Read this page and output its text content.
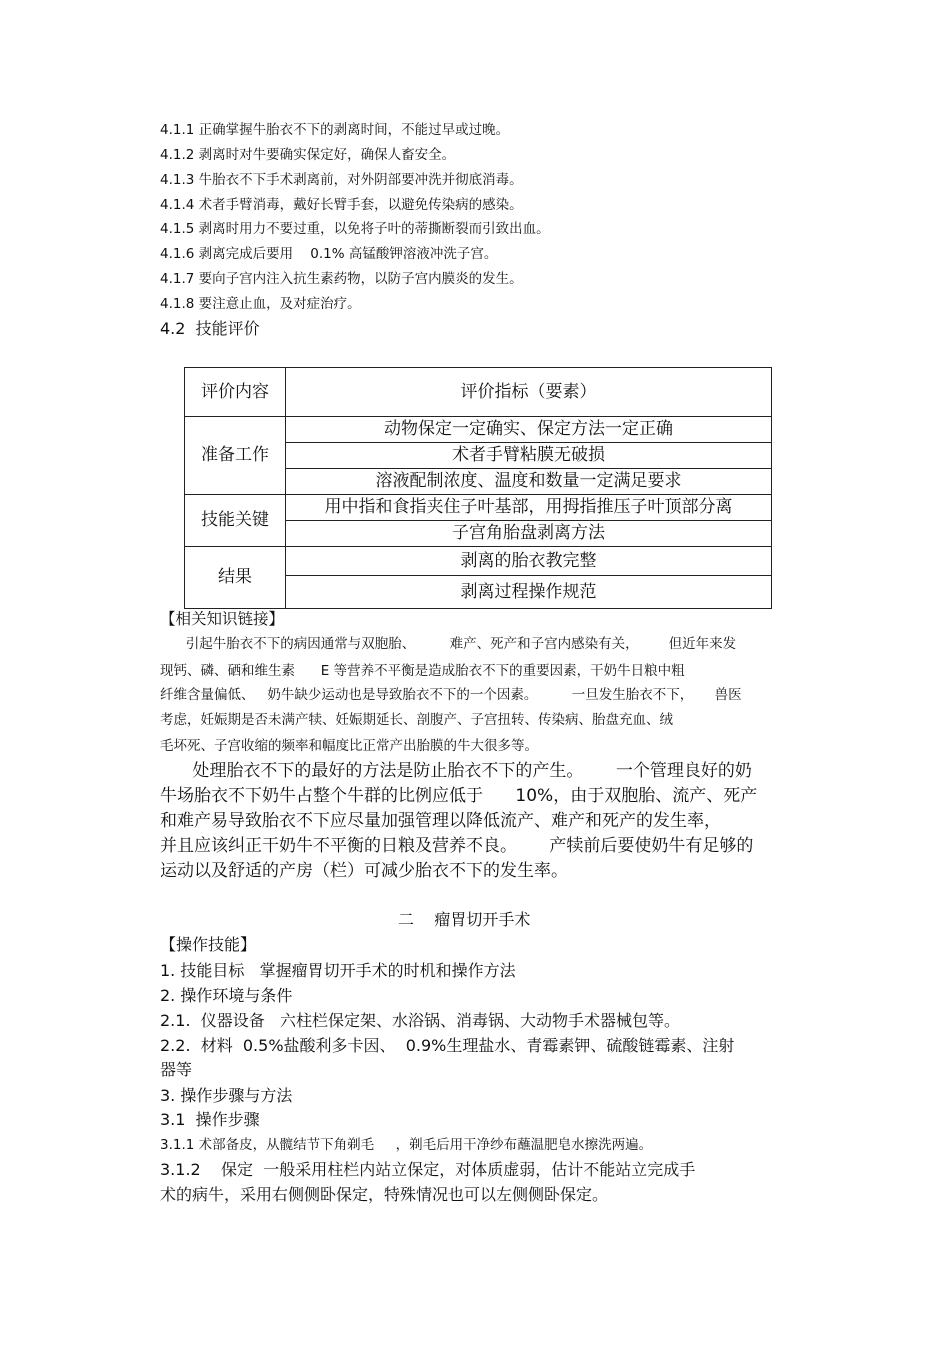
4.1.1 正确掌握牛胎衣不下的剥离时间，不能过早或过晚。
4.1.2 剥离时对牛要确实保定好，确保人畜安全。
4.1.3 牛胎衣不下手术剥离前，对外阴部要冲洗并彻底消毒。
4.1.4 术者手臂消毒，戴好长臂手套，以避免传染病的感染。
4.1.5 剥离时用力不要过重，以免将子叶的蒂撕断裂而引致出血。
4.1.6 剥离完成后要用    0.1% 高锰酸钾溶液冲洗子宫。
4.1.7 要向子宫内注入抗生素药物，以防子宫内膜炎的发生。
4.1.8 要注意止血，及对症治疗。
4.2  技能评价
评价内容	评价指标（要素）
准备工作	动物保定一定确实、保定方法一定正确
	术者手臂粘膜无破损
	溶液配制浓度、温度和数量一定满足要求
技能关键	用中指和食指夹住子叶基部，用拇指推压子叶顶部分离
	子宫角胎盘剥离方法
结果	剥离的胎衣教完整
	剥离过程操作规范
【相关知识链接】
引起牛胎衣不下的病因通常与双胞胎、        难产、死产和子宫内感染有关，       但近年来发
现钙、磷、硒和维生素      E 等营养不平衡是造成胎衣不下的重要因素，干奶牛日粮中粗
纤维含量偏低、   奶牛缺少运动也是导致胎衣不下的一个因素。        一旦发生胎衣不下，     兽医
考虑，妊娠期是否未满产犊、妊娠期延长、剖腹产、子宫扭转、传染病、胎盘充血、绒
毛坏死、子宫收缩的频率和幅度比正常产出胎膜的牛大很多等。
处理胎衣不下的最好的方法是防止胎衣不下的产生。      一个管理良好的奶
牛场胎衣不下奶牛占整个牛群的比例应低于      10%，由于双胞胎、流产、死产
和难产易导致胎衣不下应尽量加强管理以降低流产、难产和死产的发生率，
并且应该纠正干奶牛不平衡的日粮及营养不良。      产犊前后要使奶牛有足够的
运动以及舒适的产房（栏）可减少胎衣不下的发生率。
二    瘤胃切开手术
【操作技能】
1. 技能目标   掌握瘤胃切开手术的时机和操作方法
2. 操作环境与条件
2.1.  仪器设备   六柱栏保定架、水浴锅、消毒锅、大动物手术器械包等。
2.2.  材料  0.5%盐酸利多卡因、  0.9%生理盐水、青霉素钾、硫酸链霉素、注射
器等
3. 操作步骤与方法
3.1  操作步骤
3.1.1 术部备皮，从髋结节下角剃毛     ，剃毛后用干净纱布蘸温肥皂水擦洗两遍。
3.1.2    保定  一般采用柱栏内站立保定，对体质虚弱，估计不能站立完成手
术的病牛，采用右侧侧卧保定，特殊情况也可以左侧侧卧保定。
